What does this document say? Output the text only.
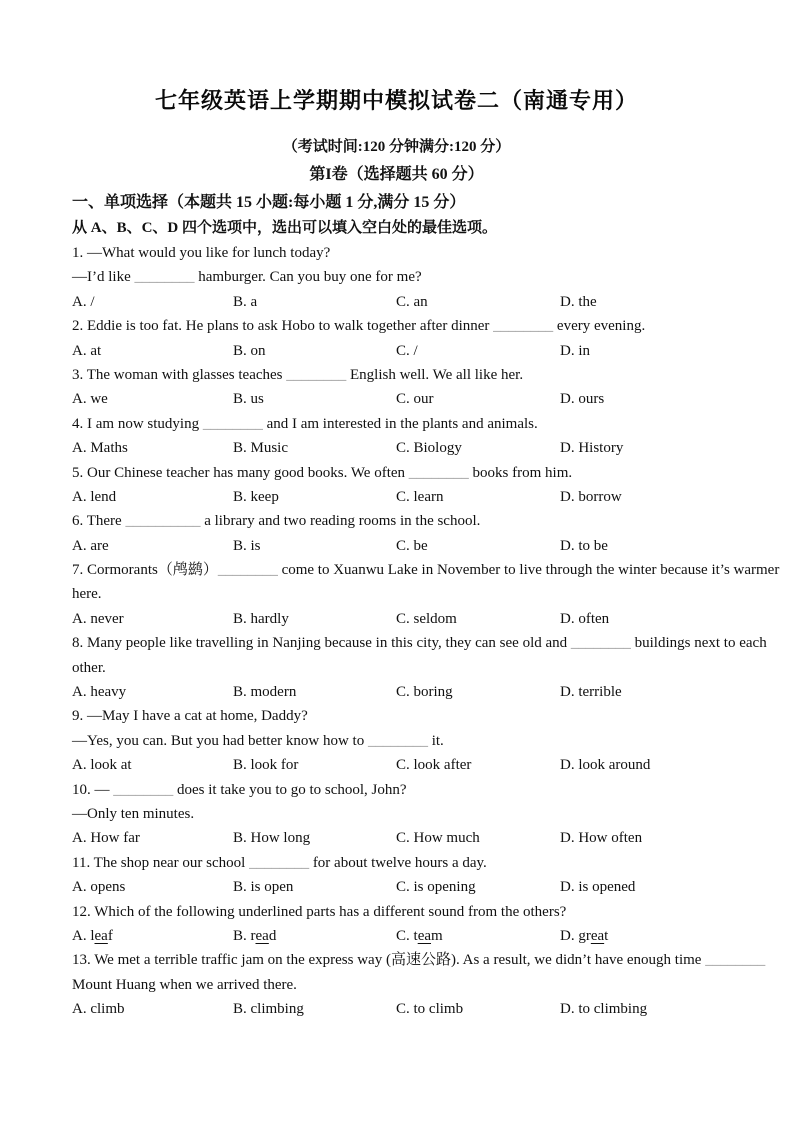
七年级英语上学期期中模拟试卷二（南通专用）
（考试时间:120 分钟满分:120 分）
第I卷（选择题共 60 分）
一、单项选择（本题共 15 小题:每小题 1 分,满分 15 分）
从 A、B、C、D 四个选项中，选出可以填入空白处的最佳选项。
1. —What would you like for lunch today?
—I’d like ________ hamburger. Can you buy one for me?
A. /	B. a	C. an	D. the
2. Eddie is too fat. He plans to ask Hobo to walk together after dinner ________ every evening.
A. at	B. on	C. /	D. in
3. The woman with glasses teaches ________ English well. We all like her.
A. we	B. us	C. our	D. ours
4. I am now studying ________ and I am interested in the plants and animals.
A. Maths	B. Music	C. Biology	D. History
5. Our Chinese teacher has many good books. We often ________ books from him.
A. lend	B. keep	C. learn	D. borrow
6. There __________ a library and two reading rooms in the school.
A. are	B. is	C. be	D. to be
7. Cormorants（鸬鹚）________ come to Xuanwu Lake in November to live through the winter because it’s warmer
here.
A. never	B. hardly	C. seldom	D. often
8. Many people like travelling in Nanjing because in this city, they can see old and ________ buildings next to each
other.
A. heavy	B. modern	C. boring	D. terrible
9. —May I have a cat at home, Daddy?
—Yes, you can. But you had better know how to ________ it.
A. look at	B. look for	C. look after	D. look around
10. — ________ does it take you to go to school, John?
—Only ten minutes.
A. How far	B. How long	C. How much	D. How often
11. The shop near our school ________ for about twelve hours a day.
A. opens	B. is open	C. is opening	D. is opened
12. Which of the following underlined parts has a different sound from the others?
A. leaf	B. read	C. team	D. great
13. We met a terrible traffic jam on the express way (高速公路). As a result, we didn’t have enough time ________
Mount Huang when we arrived there.
A. climb	B. climbing	C. to climb	D. to climbing
